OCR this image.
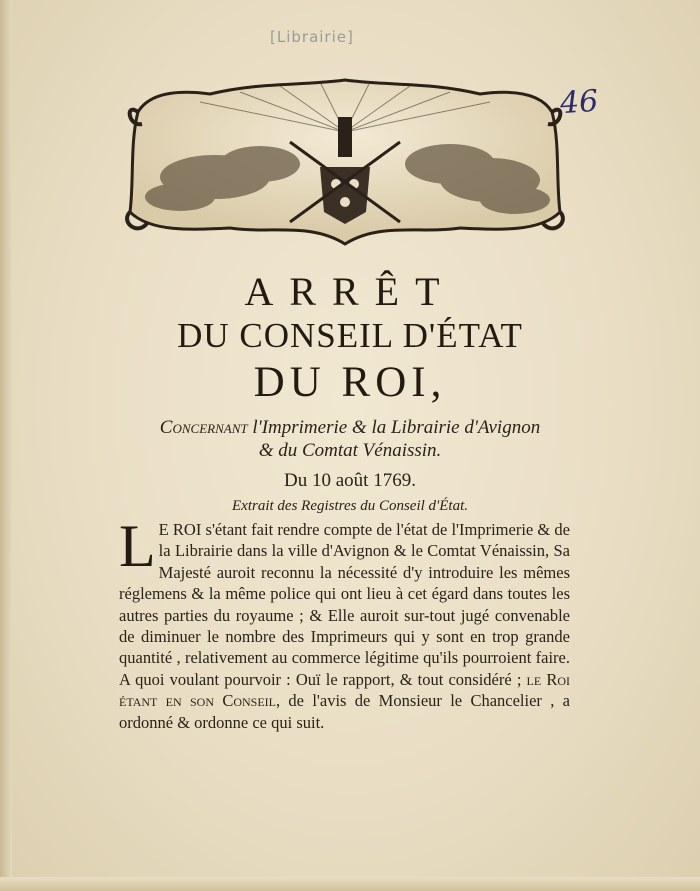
[Librairie]
46
ARRÊT
DU CONSEIL D'ÉTAT
DU ROI,
Concernant l'Imprimerie & la Librairie d'Avignon
& du Comtat Vénaissin.
Du 10 août 1769.
Extrait des Registres du Conseil d'État.
L E ROI s'étant fait rendre compte de l'état de l'Imprimerie & de la Librairie dans la ville d'Avignon & le Comtat Vénaissin, Sa Majesté auroit reconnu la nécessité d'y introduire les mêmes réglemens & la même police qui ont lieu à cet égard dans toutes les autres parties du royaume ; & Elle auroit sur-tout jugé convenable de diminuer le nombre des Imprimeurs qui y sont en trop grande quantité , relativement au commerce légitime qu'ils pourroient faire. A quoi voulant pourvoir : Ouï le rapport, & tout considéré ; le Roi étant en son Conseil, de l'avis de Monsieur le Chancelier , a ordonné & ordonne ce qui suit.
